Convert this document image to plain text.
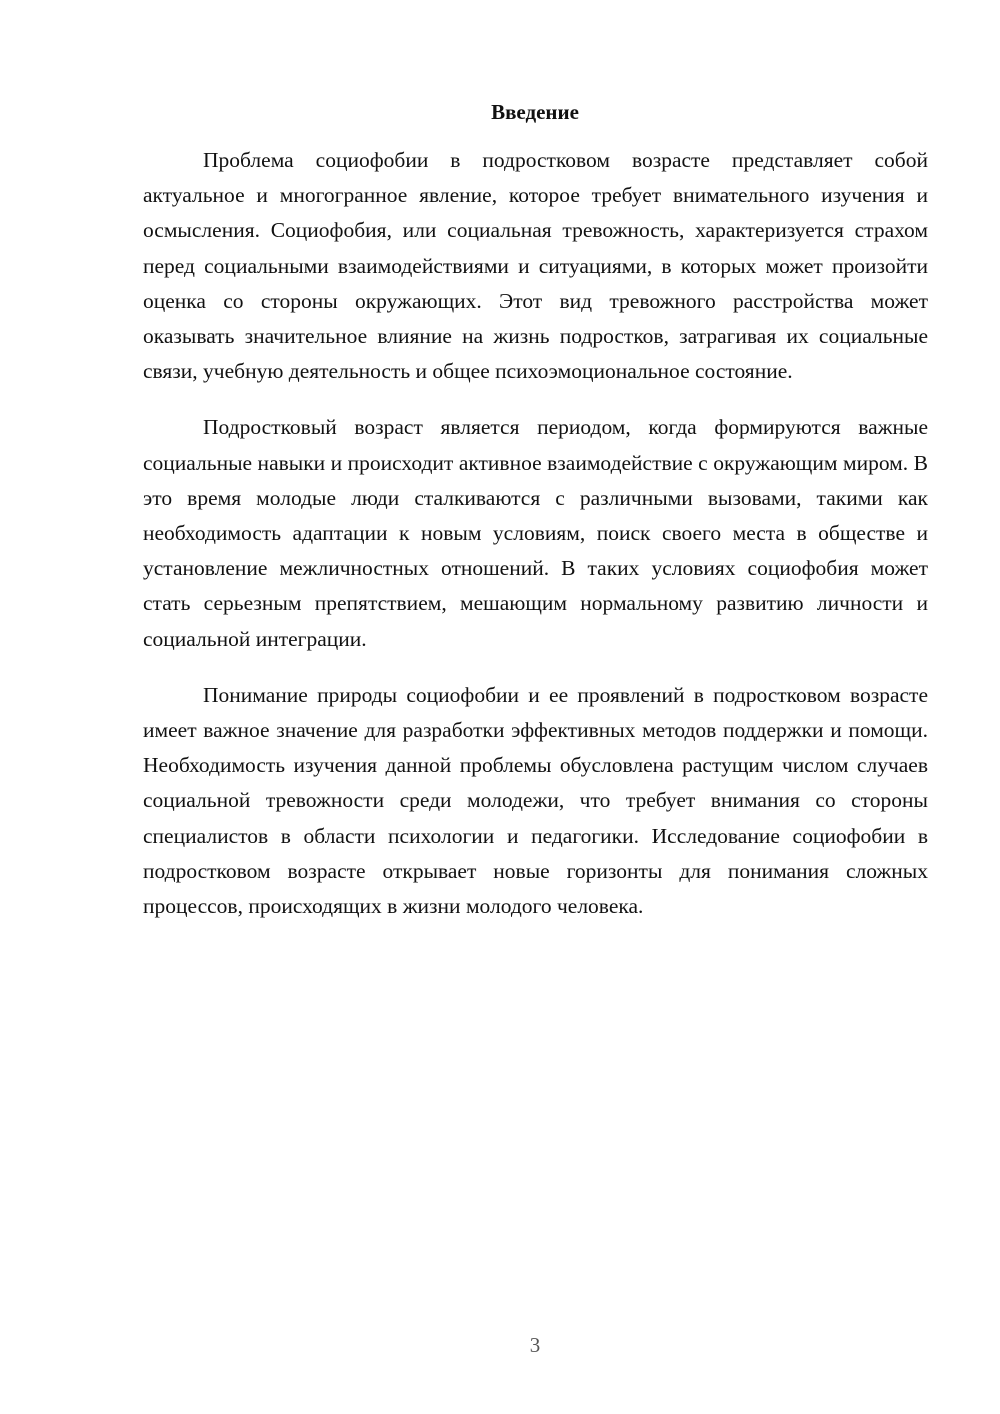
Введение

Проблема социофобии в подростковом возрасте представляет собой актуальное и многогранное явление, которое требует внимательного изучения и осмысления. Социофобия, или социальная тревожность, характеризуется страхом перед социальными взаимодействиями и ситуациями, в которых может произойти оценка со стороны окружающих. Этот вид тревожного расстройства может оказывать значительное влияние на жизнь подростков, затрагивая их социальные связи, учебную деятельность и общее психоэмоциональное состояние.

Подростковый возраст является периодом, когда формируются важные социальные навыки и происходит активное взаимодействие с окружающим миром. В это время молодые люди сталкиваются с различными вызовами, такими как необходимость адаптации к новым условиям, поиск своего места в обществе и установление межличностных отношений. В таких условиях социофобия может стать серьезным препятствием, мешающим нормальному развитию личности и социальной интеграции.

Понимание природы социофобии и ее проявлений в подростковом возрасте имеет важное значение для разработки эффективных методов поддержки и помощи. Необходимость изучения данной проблемы обусловлена растущим числом случаев социальной тревожности среди молодежи, что требует внимания со стороны специалистов в области психологии и педагогики. Исследование социофобии в подростковом возрасте открывает новые горизонты для понимания сложных процессов, происходящих в жизни молодого человека.

3
